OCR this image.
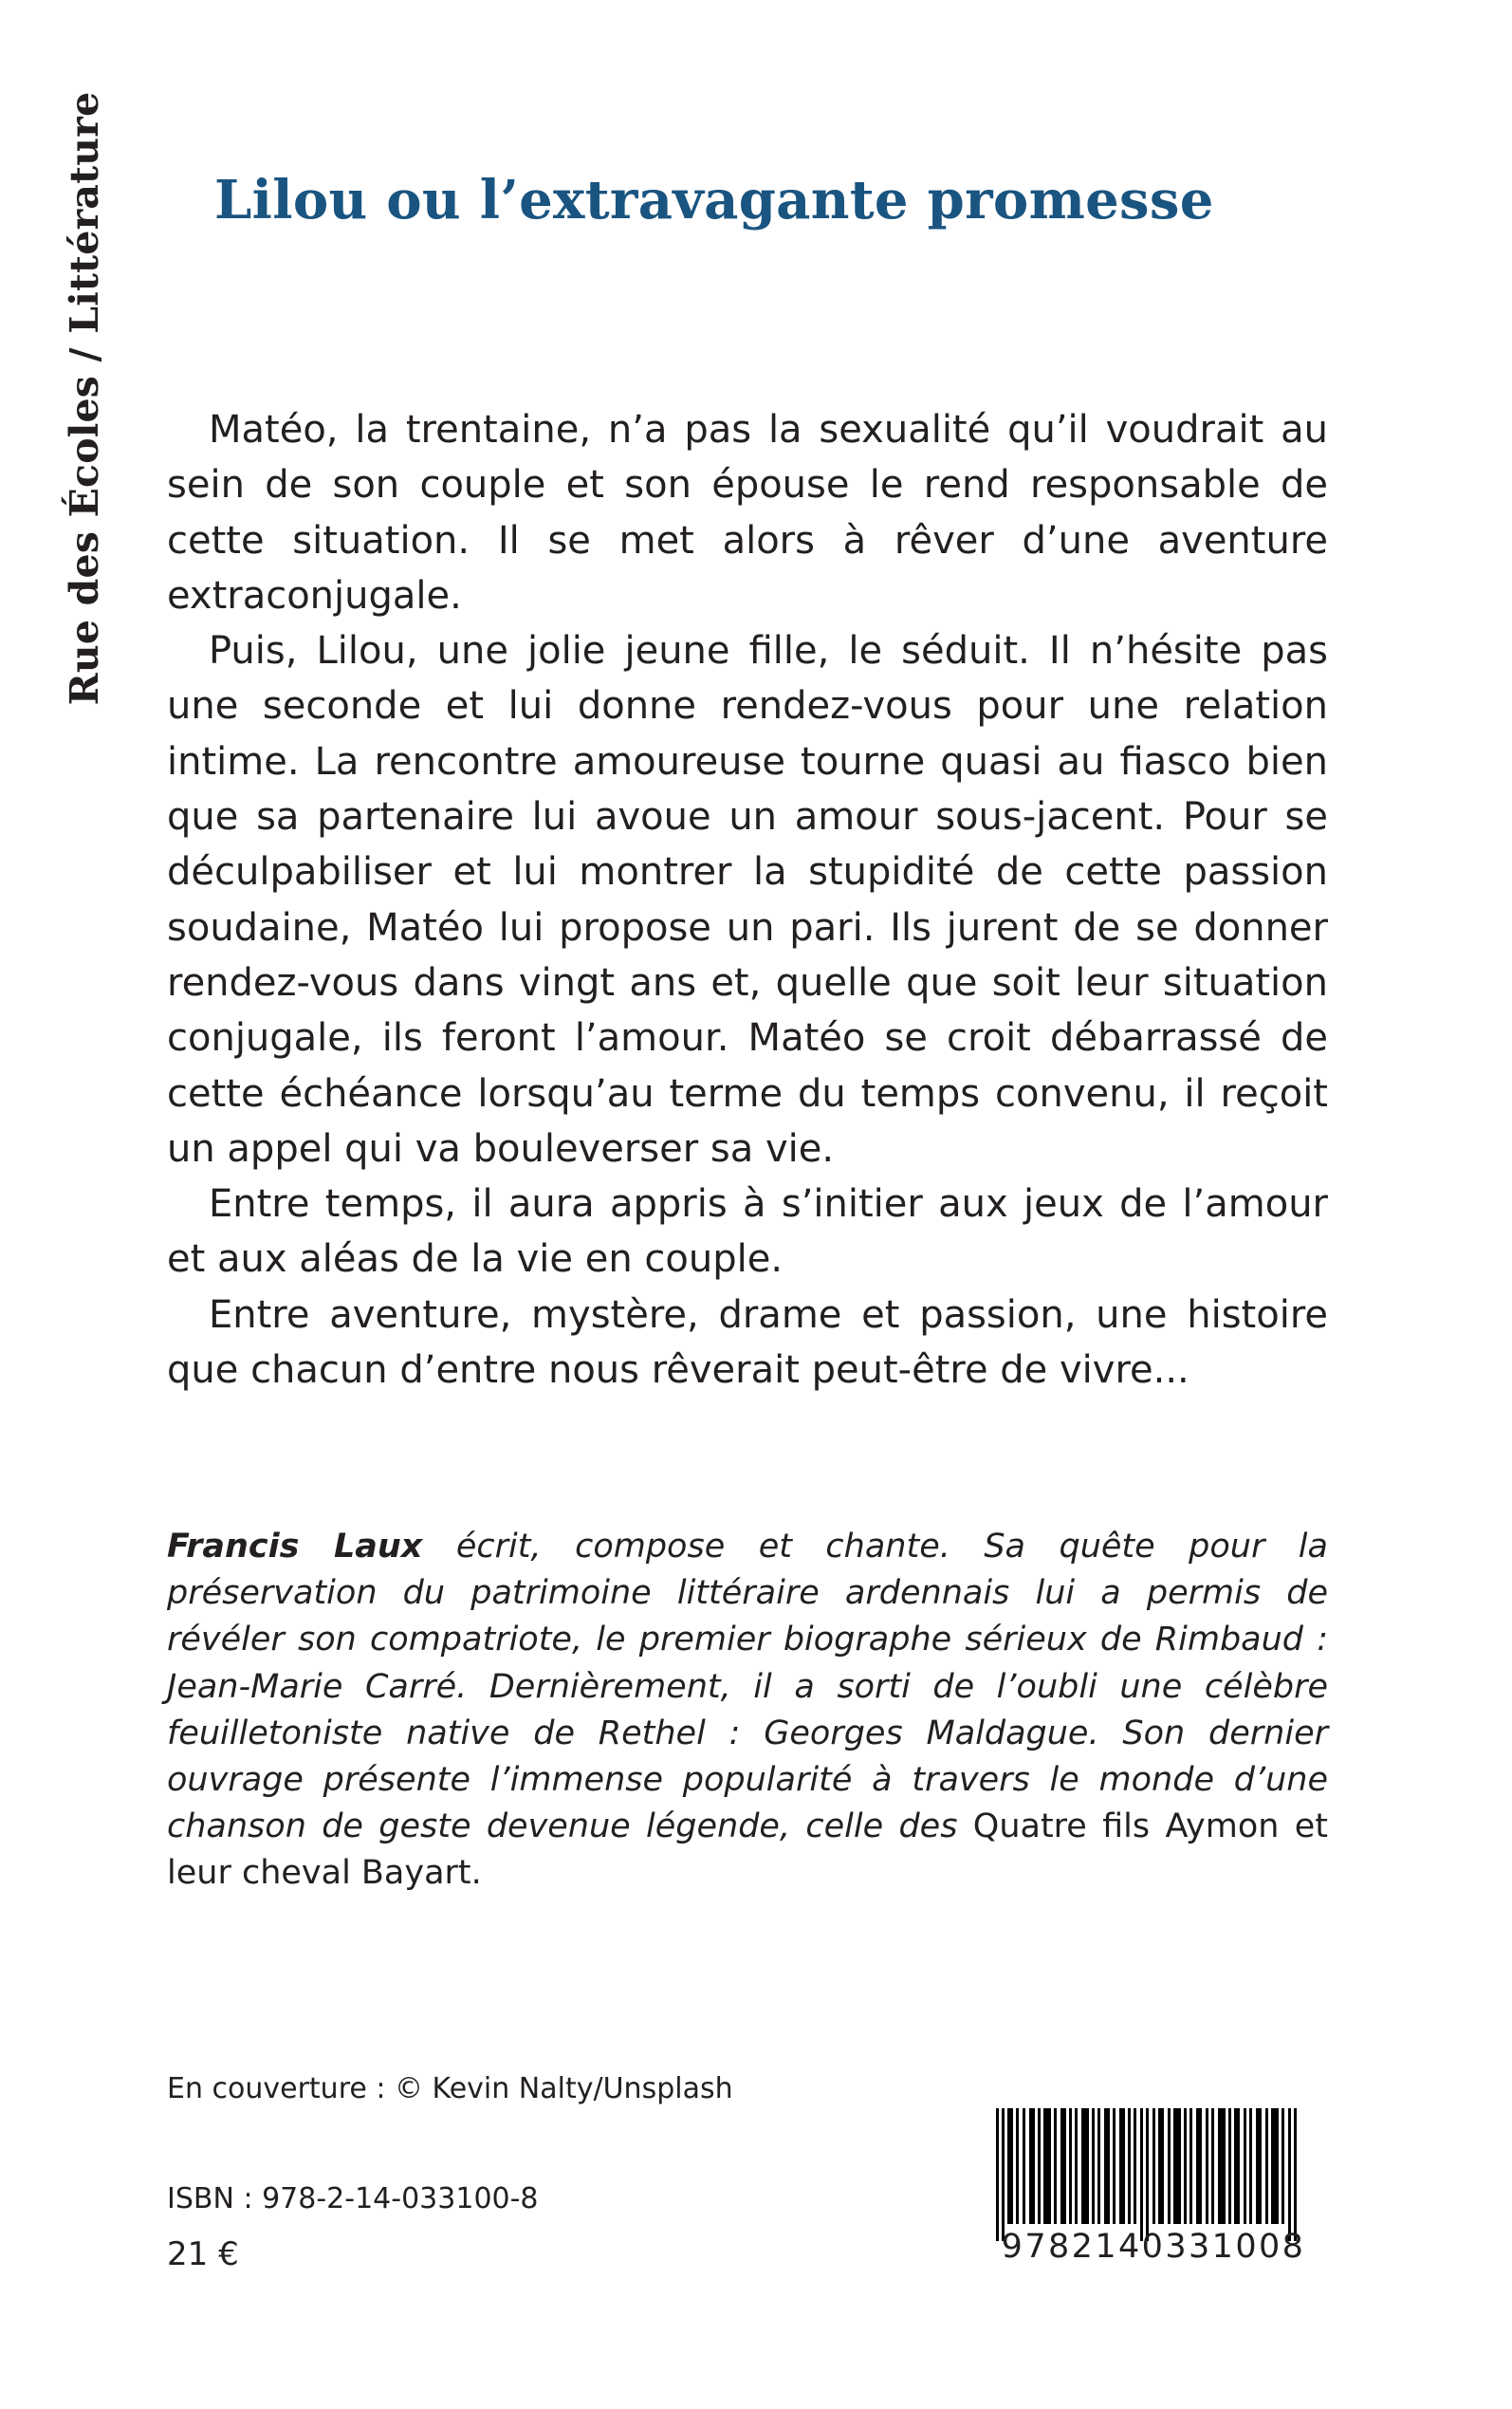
Rue des Écoles / Littérature Lilou ou l’extravagante promesse

Matéo, la trentaine, n’a pas la sexualité qu’il voudrait au sein de son couple et son épouse le rend responsable de cette situation. Il se met alors à rêver d’une aventure extraconjugale.

Puis, Lilou, une jolie jeune fille, le séduit. Il n’hésite pas une seconde et lui donne rendez-vous pour une relation intime. La rencontre amoureuse tourne quasi au fiasco bien que sa partenaire lui avoue un amour sous-jacent. Pour se déculpabiliser et lui montrer la stupidité de cette passion soudaine, Matéo lui propose un pari. Ils jurent de se donner rendez-vous dans vingt ans et, quelle que soit leur situation conjugale, ils feront l’amour. Matéo se croit débarrassé de cette échéance lorsqu’au terme du temps convenu, il reçoit un appel qui va bouleverser sa vie.

Entre temps, il aura appris à s’initier aux jeux de l’amour et aux aléas de la vie en couple.

Entre aventure, mystère, drame et passion, une histoire que chacun d’entre nous rêverait peut-être de vivre...

Francis Laux écrit, compose et chante. Sa quête pour la préservation du patrimoine littéraire ardennais lui a permis de révéler son compatriote, le premier biographe sérieux de Rimbaud : Jean-Marie Carré. Dernièrement, il a sorti de l’oubli une célèbre feuilletoniste native de Rethel : Georges Maldague. Son dernier ouvrage présente l’immense popularité à travers le monde d’une chanson de geste devenue légende, celle des Quatre fils Aymon et leur cheval Bayart.

En couverture : © Kevin Nalty/Unsplash
ISBN : 978-2-14-033100-8
21 €	9782140331008
